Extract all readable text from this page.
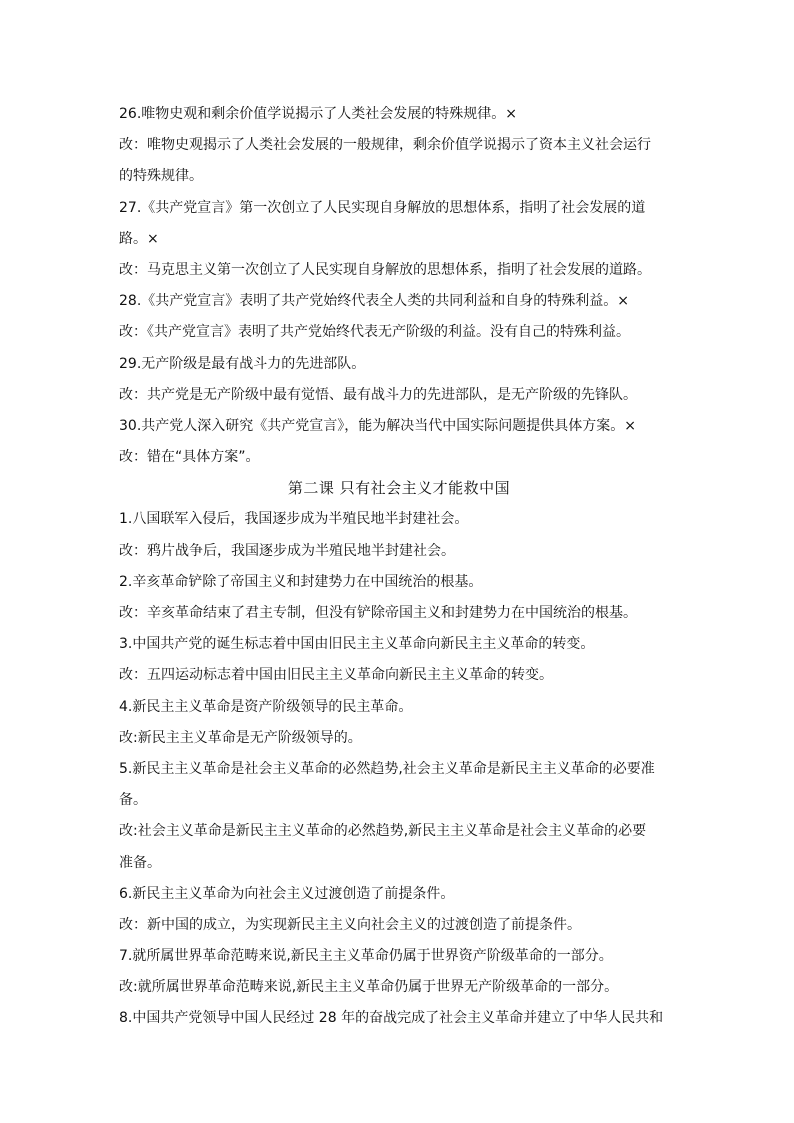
26.唯物史观和剩余价值学说揭示了人类社会发展的特殊规律。×
改：唯物史观揭示了人类社会发展的一般规律，剩余价值学说揭示了资本主义社会运行
的特殊规律。
27.《共产党宣言》第一次创立了人民实现自身解放的思想体系，指明了社会发展的道
路。×
改：马克思主义第一次创立了人民实现自身解放的思想体系，指明了社会发展的道路。
28.《共产党宣言》表明了共产党始终代表全人类的共同利益和自身的特殊利益。×
改：《共产党宣言》表明了共产党始终代表无产阶级的利益。没有自己的特殊利益。
29.无产阶级是最有战斗力的先进部队。
改：共产党是无产阶级中最有觉悟、最有战斗力的先进部队，是无产阶级的先锋队。
30.共产党人深入研究《共产党宣言》，能为解决当代中国实际问题提供具体方案。×
改：错在“具体方案”。
第二课 只有社会主义才能救中国
1.八国联军入侵后，我国逐步成为半殖民地半封建社会。
改：鸦片战争后，我国逐步成为半殖民地半封建社会。
2.辛亥革命铲除了帝国主义和封建势力在中国统治的根基。
改：辛亥革命结束了君主专制，但没有铲除帝国主义和封建势力在中国统治的根基。
3.中国共产党的诞生标志着中国由旧民主主义革命向新民主主义革命的转变。
改：五四运动标志着中国由旧民主主义革命向新民主主义革命的转变。
4.新民主主义革命是资产阶级领导的民主革命。
改:新民主主义革命是无产阶级领导的。
5.新民主主义革命是社会主义革命的必然趋势,社会主义革命是新民主主义革命的必要准
备。
改:社会主义革命是新民主主义革命的必然趋势,新民主主义革命是社会主义革命的必要
准备。
6.新民主主义革命为向社会主义过渡创造了前提条件。
改：新中国的成立，为实现新民主主义向社会主义的过渡创造了前提条件。
7.就所属世界革命范畴来说,新民主主义革命仍属于世界资产阶级革命的一部分。
改:就所属世界革命范畴来说,新民主主义革命仍属于世界无产阶级革命的一部分。
8.中国共产党领导中国人民经过 28 年的奋战完成了社会主义革命并建立了中华人民共和
